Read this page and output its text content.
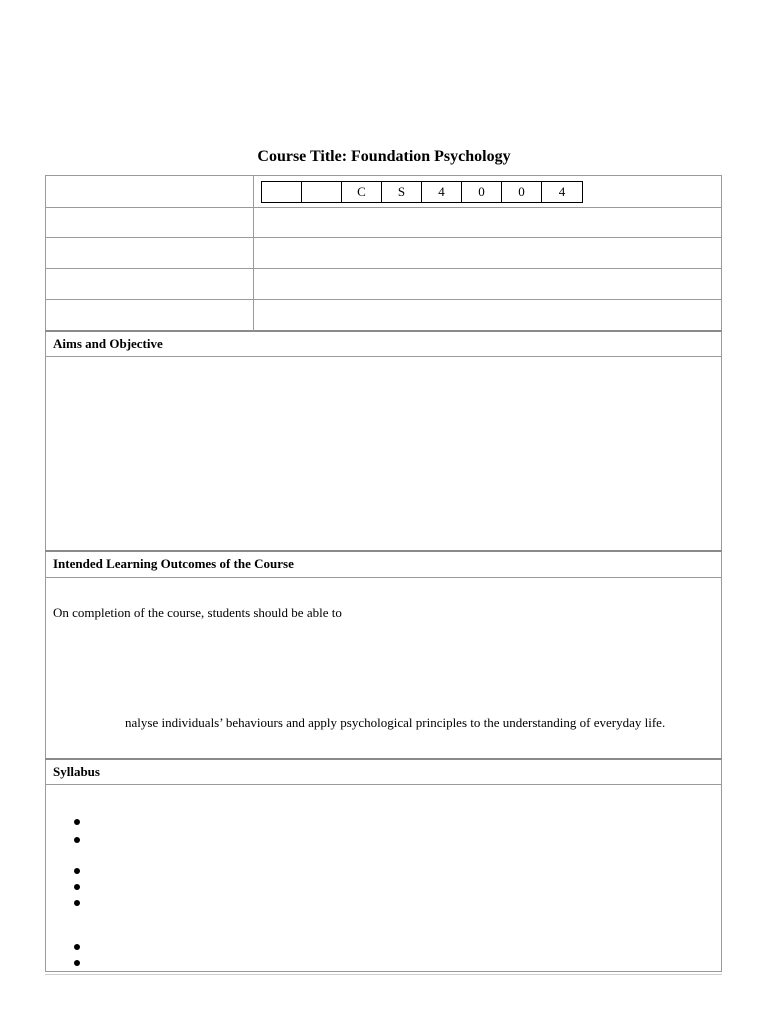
Course Title: Foundation Psychology
C	S	4	0	0	4
Aims and Objective
Intended Learning Outcomes of the Course
On completion of the course, students should be able to
nalyse individuals’ behaviours and apply psychological principles to the understanding of everyday life.
Syllabus
